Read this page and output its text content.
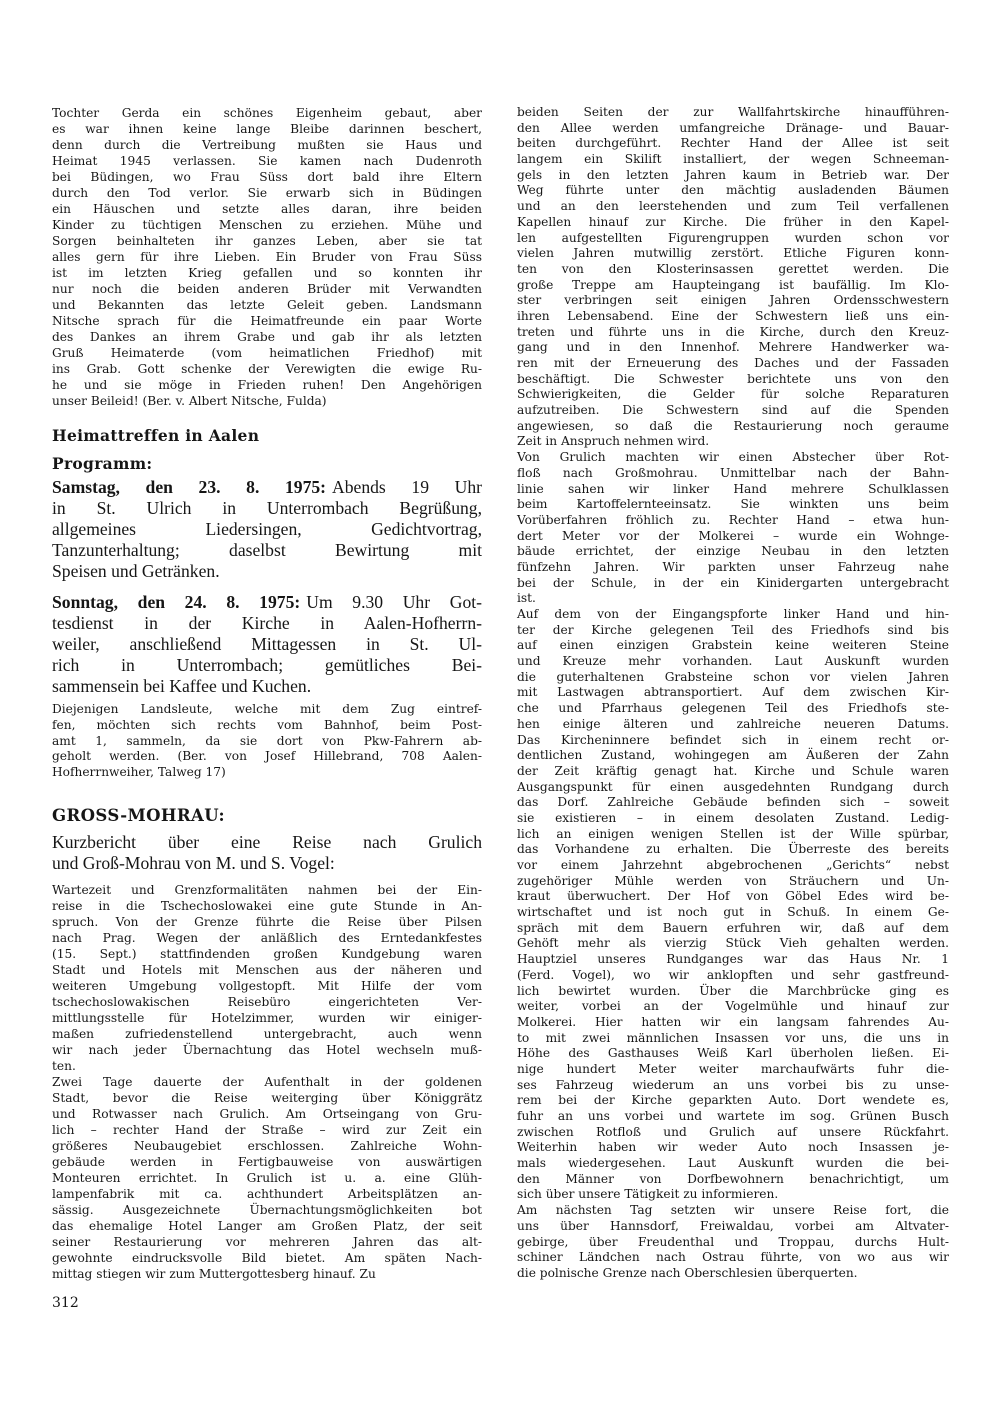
Tochter Gerda ein schönes Eigenheim gebaut, aber
es war ihnen keine lange Bleibe darinnen beschert,
denn durch die Vertreibung mußten sie Haus und
Heimat 1945 verlassen. Sie kamen nach Dudenroth
bei Büdingen, wo Frau Süss dort bald ihre Eltern
durch den Tod verlor. Sie erwarb sich in Büdingen
ein Häuschen und setzte alles daran, ihre beiden
Kinder zu tüchtigen Menschen zu erziehen. Mühe und
Sorgen beinhalteten ihr ganzes Leben, aber sie tat
alles gern für ihre Lieben. Ein Bruder von Frau Süss
ist im letzten Krieg gefallen und so konnten ihr
nur noch die beiden anderen Brüder mit Verwandten
und Bekannten das letzte Geleit geben. Landsmann
Nitsche sprach für die Heimatfreunde ein paar Worte
des Dankes an ihrem Grabe und gab ihr als letzten
Gruß Heimaterde (vom heimatlichen Friedhof) mit
ins Grab. Gott schenke der Verewigten die ewige Ru-
he und sie möge in Frieden ruhen! Den Angehörigen
unser Beileid! (Ber. v. Albert Nitsche, Fulda)
Heimattreffen in Aalen
Programm:
Samstag, den 23. 8. 1975: Abends 19 Uhr
in St. Ulrich in Unterrombach Begrüßung,
allgemeines Liedersingen, Gedichtvortrag,
Tanzunterhaltung; daselbst Bewirtung mit
Speisen und Getränken.
Sonntag, den 24. 8. 1975: Um 9.30 Uhr Got-
tesdienst in der Kirche in Aalen-Hofherrn-
weiler, anschließend Mittagessen in St. Ul-
rich in Unterrombach; gemütliches Bei-
sammensein bei Kaffee und Kuchen.
Diejenigen Landsleute, welche mit dem Zug eintref-
fen, möchten sich rechts vom Bahnhof, beim Post-
amt 1, sammeln, da sie dort von Pkw-Fahrern ab-
geholt werden. (Ber. von Josef Hillebrand, 708 Aalen-
Hofherrnweiher, Talweg 17)
GROSS-MOHRAU:
Kurzbericht über eine Reise nach Grulich
und Groß-Mohrau von M. und S. Vogel:
Wartezeit und Grenzformalitäten nahmen bei der Ein-
reise in die Tschechoslowakei eine gute Stunde in An-
spruch. Von der Grenze führte die Reise über Pilsen
nach Prag. Wegen der anläßlich des Erntedankfestes
(15. Sept.) stattfindenden großen Kundgebung waren
Stadt und Hotels mit Menschen aus der näheren und
weiteren Umgebung vollgestopft. Mit Hilfe der vom
tschechoslowakischen Reisebüro eingerichteten Ver-
mittlungsstelle für Hotelzimmer, wurden wir einiger-
maßen zufriedenstellend untergebracht, auch wenn
wir nach jeder Übernachtung das Hotel wechseln muß-
ten.
Zwei Tage dauerte der Aufenthalt in der goldenen
Stadt, bevor die Reise weiterging über Königgrätz
und Rotwasser nach Grulich. Am Ortseingang von Gru-
lich – rechter Hand der Straße – wird zur Zeit ein
größeres Neubaugebiet erschlossen. Zahlreiche Wohn-
gebäude werden in Fertigbauweise von auswärtigen
Monteuren errichtet. In Grulich ist u. a. eine Glüh-
lampenfabrik mit ca. achthundert Arbeitsplätzen an-
sässig. Ausgezeichnete Übernachtungsmöglichkeiten bot
das ehemalige Hotel Langer am Großen Platz, der seit
seiner Restaurierung vor mehreren Jahren das alt-
gewohnte eindrucksvolle Bild bietet. Am späten Nach-
mittag stiegen wir zum Muttergottesberg hinauf. Zu
312
beiden Seiten der zur Wallfahrtskirche hinaufführen-
den Allee werden umfangreiche Dränage- und Bauar-
beiten durchgeführt. Rechter Hand der Allee ist seit
langem ein Skilift installiert, der wegen Schneeman-
gels in den letzten Jahren kaum in Betrieb war. Der
Weg führte unter den mächtig ausladenden Bäumen
und an den leerstehenden und zum Teil verfallenen
Kapellen hinauf zur Kirche. Die früher in den Kapel-
len aufgestellten Figurengruppen wurden schon vor
vielen Jahren mutwillig zerstört. Etliche Figuren konn-
ten von den Klosterinsassen gerettet werden. Die
große Treppe am Haupteingang ist baufällig. Im Klo-
ster verbringen seit einigen Jahren Ordensschwestern
ihren Lebensabend. Eine der Schwestern ließ uns ein-
treten und führte uns in die Kirche, durch den Kreuz-
gang und in den Innenhof. Mehrere Handwerker wa-
ren mit der Erneuerung des Daches und der Fassaden
beschäftigt. Die Schwester berichtete uns von den
Schwierigkeiten, die Gelder für solche Reparaturen
aufzutreiben. Die Schwestern sind auf die Spenden
angewiesen, so daß die Restaurierung noch geraume
Zeit in Anspruch nehmen wird.
Von Grulich machten wir einen Abstecher über Rot-
floß nach Großmohrau. Unmittelbar nach der Bahn-
linie sahen wir linker Hand mehrere Schulklassen
beim Kartoffelernteeinsatz. Sie winkten uns beim
Vorüberfahren fröhlich zu. Rechter Hand – etwa hun-
dert Meter vor der Molkerei – wurde ein Wohnge-
bäude errichtet, der einzige Neubau in den letzten
fünfzehn Jahren. Wir parkten unser Fahrzeug nahe
bei der Schule, in der ein Kinidergarten untergebracht
ist.
Auf dem von der Eingangspforte linker Hand und hin-
ter der Kirche gelegenen Teil des Friedhofs sind bis
auf einen einzigen Grabstein keine weiteren Steine
und Kreuze mehr vorhanden. Laut Auskunft wurden
die guterhaltenen Grabsteine schon vor vielen Jahren
mit Lastwagen abtransportiert. Auf dem zwischen Kir-
che und Pfarrhaus gelegenen Teil des Friedhofs ste-
hen einige älteren und zahlreiche neueren Datums.
Das Kircheninnere befindet sich in einem recht or-
dentlichen Zustand, wohingegen am Äußeren der Zahn
der Zeit kräftig genagt hat. Kirche und Schule waren
Ausgangspunkt für einen ausgedehnten Rundgang durch
das Dorf. Zahlreiche Gebäude befinden sich – soweit
sie existieren – in einem desolaten Zustand. Ledig-
lich an einigen wenigen Stellen ist der Wille spürbar,
das Vorhandene zu erhalten. Die Überreste des bereits
vor einem Jahrzehnt abgebrochenen „Gerichts“ nebst
zugehöriger Mühle werden von Sträuchern und Un-
kraut überwuchert. Der Hof von Göbel Edes wird be-
wirtschaftet und ist noch gut in Schuß. In einem Ge-
spräch mit dem Bauern erfuhren wir, daß auf dem
Gehöft mehr als vierzig Stück Vieh gehalten werden.
Hauptziel unseres Rundganges war das Haus Nr. 1
(Ferd. Vogel), wo wir anklopften und sehr gastfreund-
lich bewirtet wurden. Über die Marchbrücke ging es
weiter, vorbei an der Vogelmühle und hinauf zur
Molkerei. Hier hatten wir ein langsam fahrendes Au-
to mit zwei männlichen Insassen vor uns, die uns in
Höhe des Gasthauses Weiß Karl überholen ließen. Ei-
nige hundert Meter weiter marchaufwärts fuhr die-
ses Fahrzeug wiederum an uns vorbei bis zu unse-
rem bei der Kirche geparkten Auto. Dort wendete es,
fuhr an uns vorbei und wartete im sog. Grünen Busch
zwischen Rotfloß und Grulich auf unsere Rückfahrt.
Weiterhin haben wir weder Auto noch Insassen je-
mals wiedergesehen. Laut Auskunft wurden die bei-
den Männer von Dorfbewohnern benachrichtigt, um
sich über unsere Tätigkeit zu informieren.
Am nächsten Tag setzten wir unsere Reise fort, die
uns über Hannsdorf, Freiwaldau, vorbei am Altvater-
gebirge, über Freudenthal und Troppau, durchs Hult-
schiner Ländchen nach Ostrau führte, von wo aus wir
die polnische Grenze nach Oberschlesien überquerten.
